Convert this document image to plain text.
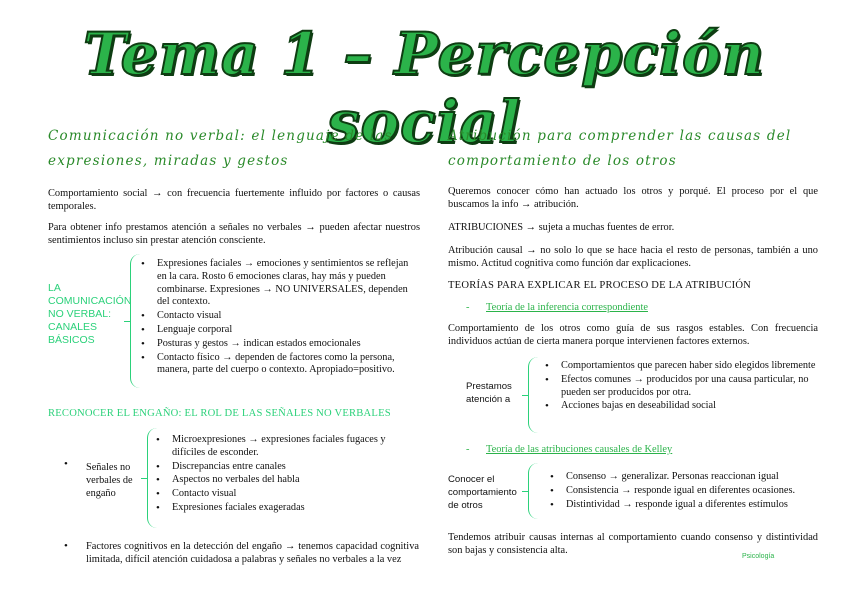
Tema 1 – Percepción social
Comunicación no verbal: el lenguaje de las expresiones, miradas y gestos
Comportamiento social → con frecuencia fuertemente influido por factores o causas temporales.
Para obtener info prestamos atención a señales no verbales → pueden afectar nuestros sentimientos incluso sin prestar atención consciente.
LA COMUNICACIÓN NO VERBAL: CANALES BÁSICOS
• Expresiones faciales → emociones y sentimientos se reflejan en la cara. Rosto 6 emociones claras, hay más y pueden combinarse. Expresiones → NO UNIVERSALES, dependen del contexto.
• Contacto visual
• Lenguaje corporal
• Posturas y gestos → indican estados emocionales
• Contacto físico → dependen de factores como la persona, manera, parte del cuerpo o contexto. Apropiado=positivo.
RECONOCER EL ENGAÑO: EL ROL DE LAS SEÑALES NO VERBALES
Señales no verbales de engaño
•
• Microexpresiones → expresiones faciales fugaces y difíciles de esconder.
• Discrepancias entre canales
• Aspectos no verbales del habla
• Contacto visual
• Expresiones faciales exageradas
• Factores cognitivos en la detección del engaño → tenemos capacidad cognitiva limitada, difícil atención cuidadosa a palabras y señales no verbales a la vez
Atribución para comprender las causas del comportamiento de los otros
Queremos conocer cómo han actuado los otros y porqué. El proceso por el que buscamos la info → atribución.
ATRIBUCIONES → sujeta a muchas fuentes de error.
Atribución causal → no solo lo que se hace hacia el resto de personas, también a uno mismo. Actitud cognitiva como función dar explicaciones.
TEORÍAS PARA EXPLICAR EL PROCESO DE LA ATRIBUCIÓN
- Teoría de la inferencia correspondiente
Comportamiento de los otros como guía de sus rasgos estables. Con frecuencia individuos actúan de cierta manera porque intervienen factores externos.
Prestamos atención a
• Comportamientos que parecen haber sido elegidos libremente
• Efectos comunes → producidos por una causa particular, no pueden ser producidos por otra.
• Acciones bajas en deseabilidad social
- Teoría de las atribuciones causales de Kelley
Conocer el comportamiento de otros
• Consenso → generalizar. Personas reaccionan igual
• Consistencia → responde igual en diferentes ocasiones.
• Distintividad → responde igual a diferentes estímulos
Tendemos atribuir causas internas al comportamiento cuando consenso y distintividad son bajas y consistencia alta.
Psicología
